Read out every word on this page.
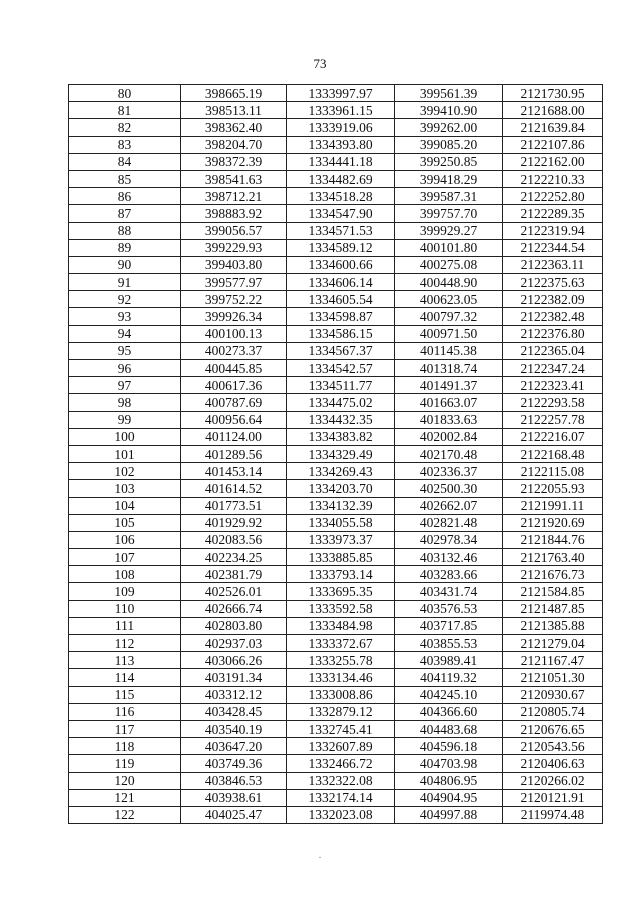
73
80	398665.19	1333997.97	399561.39	2121730.95
81	398513.11	1333961.15	399410.90	2121688.00
82	398362.40	1333919.06	399262.00	2121639.84
83	398204.70	1334393.80	399085.20	2122107.86
84	398372.39	1334441.18	399250.85	2122162.00
85	398541.63	1334482.69	399418.29	2122210.33
86	398712.21	1334518.28	399587.31	2122252.80
87	398883.92	1334547.90	399757.70	2122289.35
88	399056.57	1334571.53	399929.27	2122319.94
89	399229.93	1334589.12	400101.80	2122344.54
90	399403.80	1334600.66	400275.08	2122363.11
91	399577.97	1334606.14	400448.90	2122375.63
92	399752.22	1334605.54	400623.05	2122382.09
93	399926.34	1334598.87	400797.32	2122382.48
94	400100.13	1334586.15	400971.50	2122376.80
95	400273.37	1334567.37	401145.38	2122365.04
96	400445.85	1334542.57	401318.74	2122347.24
97	400617.36	1334511.77	401491.37	2122323.41
98	400787.69	1334475.02	401663.07	2122293.58
99	400956.64	1334432.35	401833.63	2122257.78
100	401124.00	1334383.82	402002.84	2122216.07
101	401289.56	1334329.49	402170.48	2122168.48
102	401453.14	1334269.43	402336.37	2122115.08
103	401614.52	1334203.70	402500.30	2122055.93
104	401773.51	1334132.39	402662.07	2121991.11
105	401929.92	1334055.58	402821.48	2121920.69
106	402083.56	1333973.37	402978.34	2121844.76
107	402234.25	1333885.85	403132.46	2121763.40
108	402381.79	1333793.14	403283.66	2121676.73
109	402526.01	1333695.35	403431.74	2121584.85
110	402666.74	1333592.58	403576.53	2121487.85
111	402803.80	1333484.98	403717.85	2121385.88
112	402937.03	1333372.67	403855.53	2121279.04
113	403066.26	1333255.78	403989.41	2121167.47
114	403191.34	1333134.46	404119.32	2121051.30
115	403312.12	1333008.86	404245.10	2120930.67
116	403428.45	1332879.12	404366.60	2120805.74
117	403540.19	1332745.41	404483.68	2120676.65
118	403647.20	1332607.89	404596.18	2120543.56
119	403749.36	1332466.72	404703.98	2120406.63
120	403846.53	1332322.08	404806.95	2120266.02
121	403938.61	1332174.14	404904.95	2120121.91
122	404025.47	1332023.08	404997.88	2119974.48
.
